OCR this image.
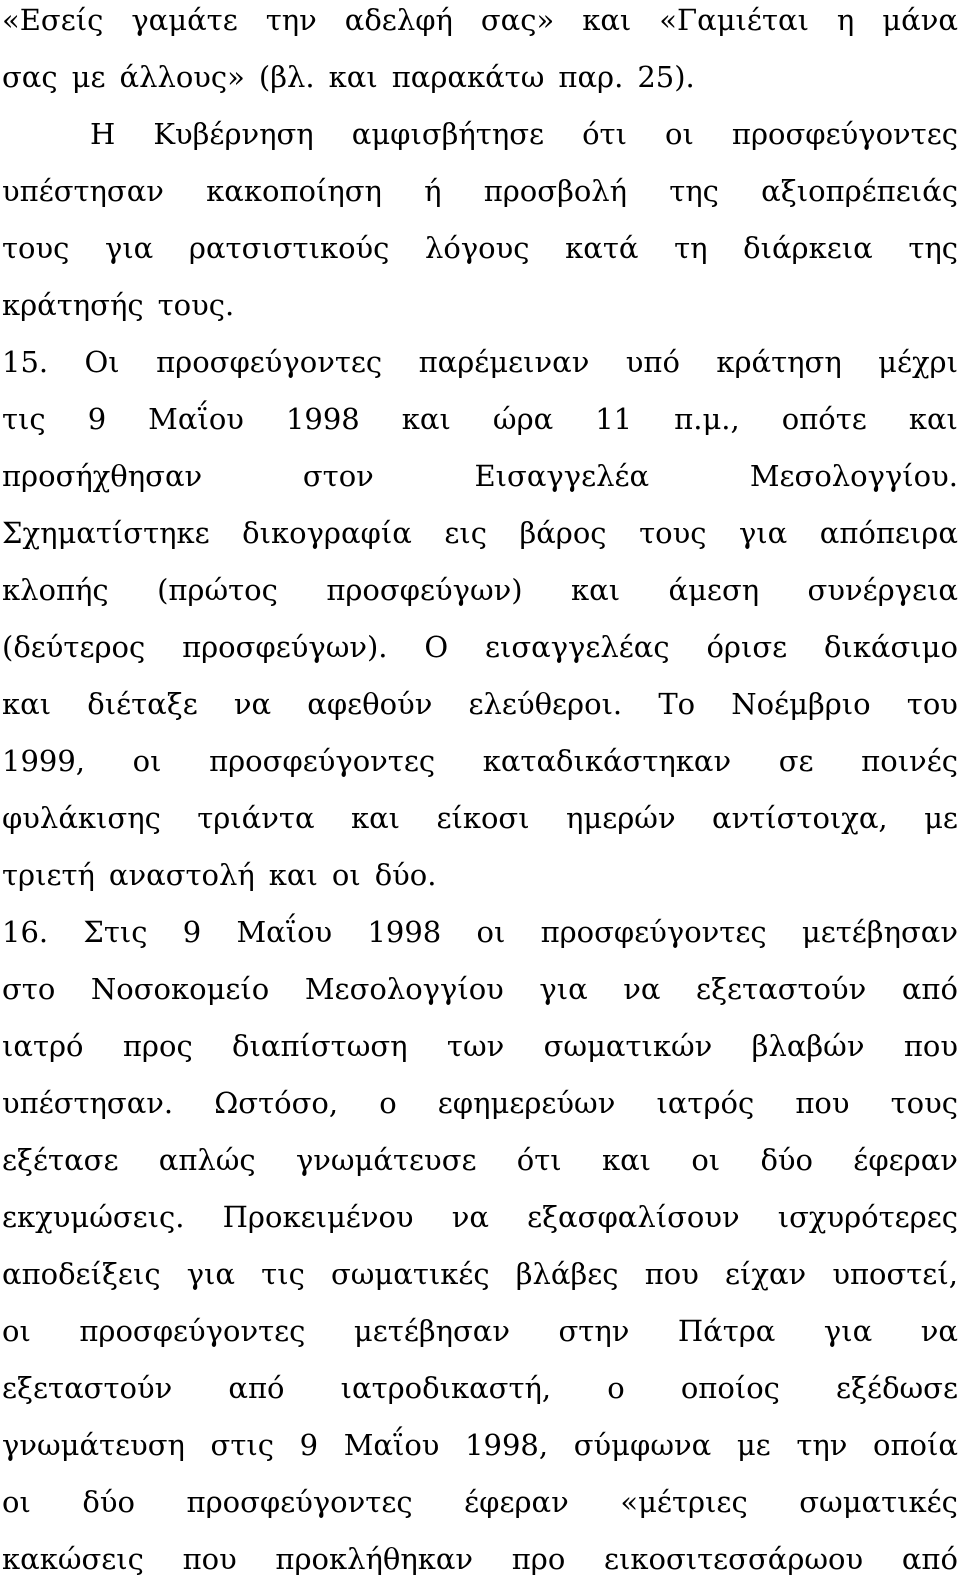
«Εσείς γαμάτε την αδελφή σας» και «Γαμιέται η μάνα
σας με άλλους» (βλ. και παρακάτω παρ. 25).
Η Κυβέρνηση αμφισβήτησε ότι οι προσφεύγοντες
υπέστησαν κακοποίηση ή προσβολή της αξιοπρέπειάς
τους για ρατσιστικούς λόγους κατά τη διάρκεια της
κράτησής τους.
15. Οι προσφεύγοντες παρέμειναν υπό κράτηση μέχρι
τις 9 Μαΐου 1998 και ώρα 11 π.μ., οπότε και
προσήχθησαν	στον	Εισαγγελέα	Μεσολογγίου.
Σχηματίστηκε δικογραφία εις βάρος τους για απόπειρα
κλοπής (πρώτος προσφεύγων) και άμεση συνέργεια
(δεύτερος προσφεύγων). Ο εισαγγελέας όρισε δικάσιμο
και διέταξε να αφεθούν ελεύθεροι. Το Νοέμβριο του
1999, οι προσφεύγοντες καταδικάστηκαν σε ποινές
φυλάκισης τριάντα και είκοσι ημερών αντίστοιχα, με
τριετή αναστολή και οι δύο.
16. Στις 9 Μαΐου 1998 οι προσφεύγοντες μετέβησαν
στο Νοσοκομείο Μεσολογγίου για να εξεταστούν από
ιατρό προς διαπίστωση των σωματικών βλαβών που
υπέστησαν. Ωστόσο, ο εφημερεύων ιατρός που τους
εξέτασε απλώς γνωμάτευσε ότι και οι δύο έφεραν
εκχυμώσεις. Προκειμένου να εξασφαλίσουν ισχυρότερες
αποδείξεις για τις σωματικές βλάβες που είχαν υποστεί,
οι προσφεύγοντες μετέβησαν στην Πάτρα για να
εξεταστούν από ιατροδικαστή, ο οποίος εξέδωσε
γνωμάτευση στις 9 Μαΐου 1998, σύμφωνα με την οποία
οι δύο προσφεύγοντες έφεραν «μέτριες σωματικές
κακώσεις που προκλήθηκαν προ εικοσιτεσσάρωου από
